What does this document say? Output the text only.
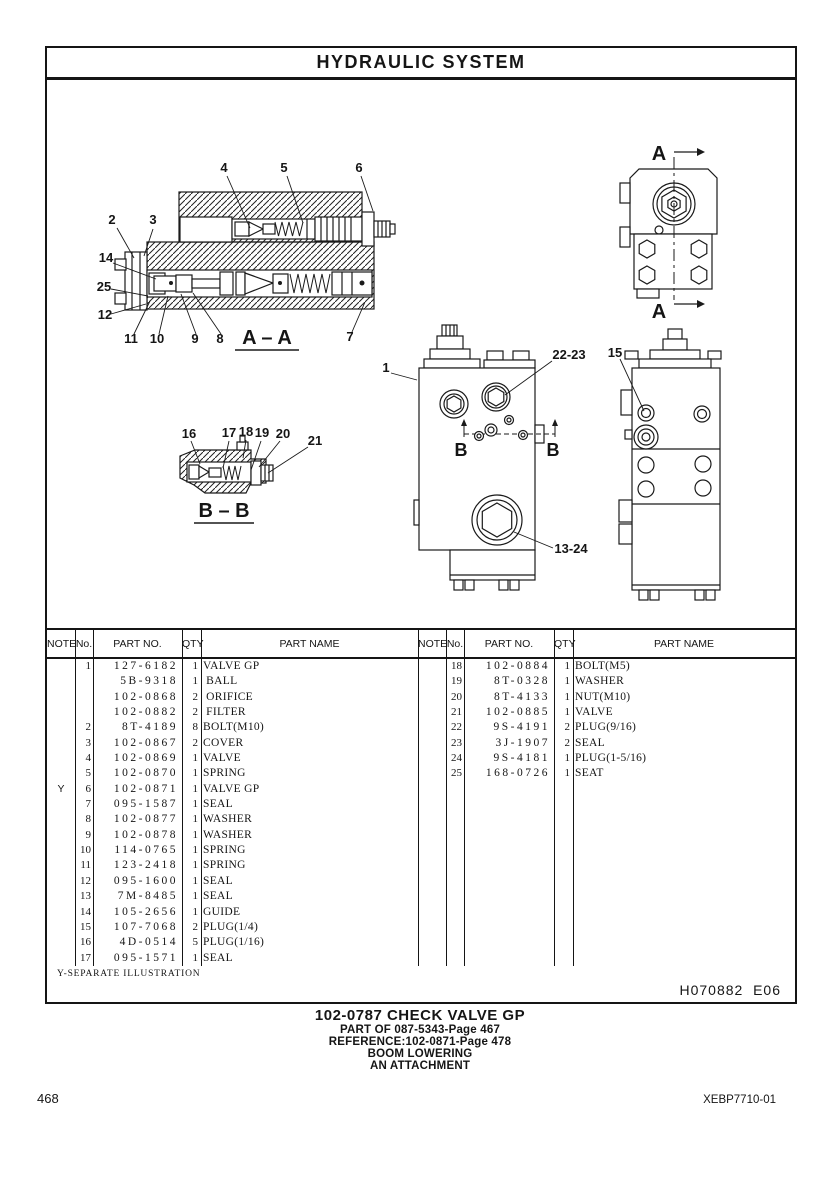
HYDRAULIC SYSTEM
2	3
4	5	6
7
8
9
10
11
12
14
25
A – A
16 17 18 19 20 21
B – B
1
22-23
13-24
B	B
A
A
15
NOTE No.	PART NO.	QTY	PART NAME
1	127-6182	1 VALVE GP
5B-9318	1 BALL
102-0868	2 ORIFICE
102-0882	2 FILTER
2	8T-4189	8 BOLT(M10)
3	102-0867	2 COVER
4	102-0869	1 VALVE
5	102-0870	1 SPRING
Y	6	102-0871	1 VALVE GP
7	095-1587	1 SEAL
8	102-0877	1 WASHER
9	102-0878	1 WASHER
10	114-0765	1 SPRING
11	123-2418	1 SPRING
12	095-1600	1 SEAL
13	7M-8485	1 SEAL
14	105-2656	1 GUIDE
15	107-7068	2 PLUG(1/4)
16	4D-0514	5 PLUG(1/16)
17	095-1571	1 SEAL
NOTE No.	PART NO.	QTY	PART NAME
18	102-0884	1 BOLT(M5)
19	8T-0328	1 WASHER
20	8T-4133	1 NUT(M10)
21	102-0885	1 VALVE
22	9S-4191	2 PLUG(9/16)
23	3J-1907	2 SEAL
24	9S-4181	1 PLUG(1-5/16)
25	168-0726	1 SEAT
Y-SEPARATE ILLUSTRATION
H070882  E06
102-0787 CHECK VALVE GP
PART OF 087-5343-Page 467
REFERENCE:102-0871-Page 478
BOOM LOWERING
AN ATTACHMENT
468	XEBP7710-01
